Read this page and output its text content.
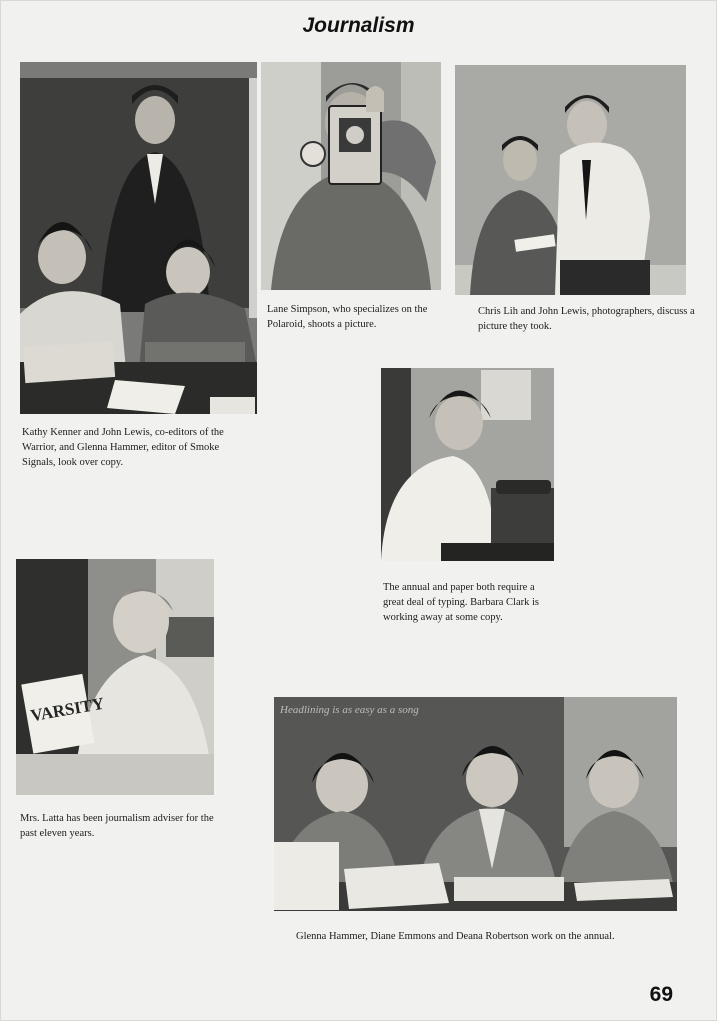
Journalism
VARSITY	Headlining is as easy as a song
Kathy Kenner and John Lewis, co-editors of the Warrior, and Glenna Hammer, editor of Smoke Signals, look over copy.
Lane Simpson, who specializes on the Polaroid, shoots a picture.
Chris Lih and John Lewis, photographers, discuss a picture they took.
The annual and paper both require a great deal of typing. Barbara Clark is working away at some copy.
Mrs. Latta has been journalism adviser for the past eleven years.
Glenna Hammer, Diane Emmons and Deana Robertson work on the annual.
69
